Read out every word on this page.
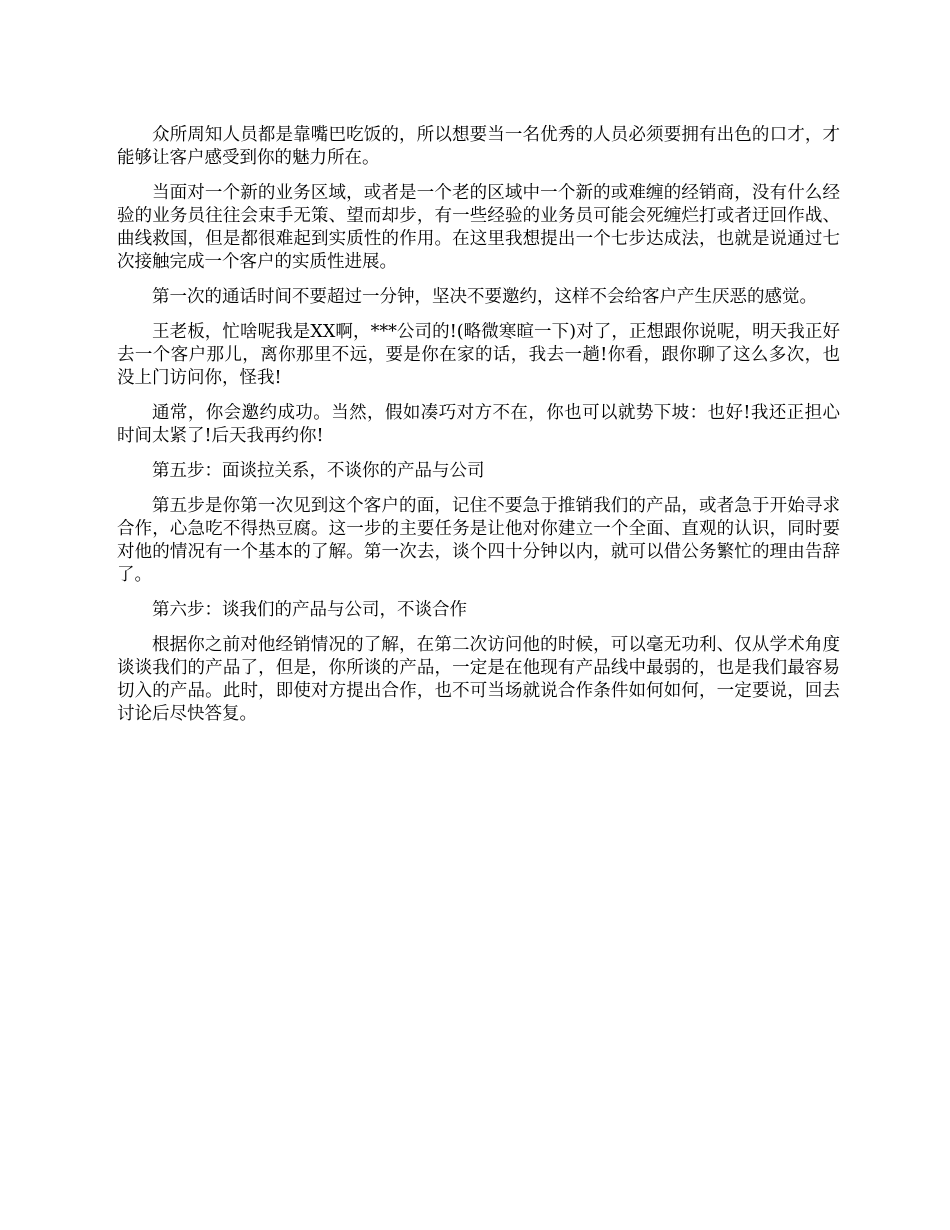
众所周知人员都是靠嘴巴吃饭的，所以想要当一名优秀的人员必须要拥有出色的口才，才能够让客户感受到你的魅力所在。

当面对一个新的业务区域，或者是一个老的区域中一个新的或难缠的经销商，没有什么经验的业务员往往会束手无策、望而却步，有一些经验的业务员可能会死缠烂打或者迂回作战、曲线救国，但是都很难起到实质性的作用。在这里我想提出一个七步达成法，也就是说通过七次接触完成一个客户的实质性进展。

第一次的通话时间不要超过一分钟，坚决不要邀约，这样不会给客户产生厌恶的感觉。

王老板，忙啥呢我是XX啊，***公司的!(略微寒暄一下)对了，正想跟你说呢，明天我正好去一个客户那儿，离你那里不远，要是你在家的话，我去一趟!你看，跟你聊了这么多次，也没上门访问你，怪我!

通常，你会邀约成功。当然，假如凑巧对方不在，你也可以就势下坡：也好!我还正担心时间太紧了!后天我再约你!

第五步：面谈拉关系，不谈你的产品与公司

第五步是你第一次见到这个客户的面，记住不要急于推销我们的产品，或者急于开始寻求合作，心急吃不得热豆腐。这一步的主要任务是让他对你建立一个全面、直观的认识，同时要对他的情况有一个基本的了解。第一次去，谈个四十分钟以内，就可以借公务繁忙的理由告辞了。

第六步：谈我们的产品与公司，不谈合作

根据你之前对他经销情况的了解，在第二次访问他的时候，可以毫无功利、仅从学术角度谈谈我们的产品了，但是，你所谈的产品，一定是在他现有产品线中最弱的，也是我们最容易切入的产品。此时，即使对方提出合作，也不可当场就说合作条件如何如何，一定要说，回去讨论后尽快答复。
